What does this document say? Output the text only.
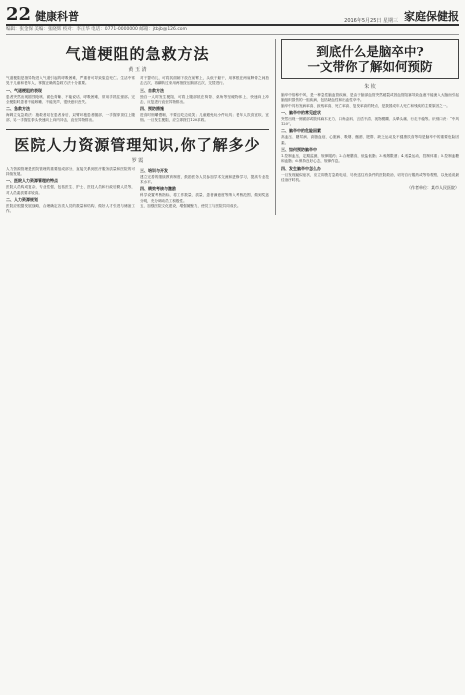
22 健康科普	2016年5月25日 星期三 家庭保健报
编辑：张金保 美编：张晓辉 校对：李正华 电话：0771-0000000 邮箱：jtbjb@126.com
气道梗阻的急救方法
黄 玉 清

气道梗阻是指异物进入气道引起的呼吸困难，严重者可导致窒息死亡。生活中常见于儿童和老年人，掌握正确的急救方法十分重要。

一、气道梗阻的表现

患者突然出现剧烈呛咳、面色青紫、不能说话、呼吸困难，常用手抓住颈部。完全梗阻时患者不能咳嗽、不能发声，很快意识丧失。

二、急救方法

海姆立克急救法：施救者站在患者身后，双臂环抱患者腰部，一手握拳顶住上腹部，另一手握住拳头快速向上向内冲击，直至异物排出。

对于婴幼儿，可将其面朝下放在前臂上，头低于躯干，用掌根在两肩胛骨之间拍击五次，再翻转过来用两指按压胸部五次，交替进行。

三、自救方法

独自一人时发生梗阻，可将上腹部抵在椅背、桌角等坚硬物体上，快速向上冲击，反复进行直至异物排出。

四、预防措施

进食时细嚼慢咽，不要边吃边说笑；儿童避免玩小件玩具；老年人饮食宜软、宜细。一旦发生梗阻，应立即拨打120求救。

医院人力资源管理知识,你了解多少
罗 霞

人力资源管理是医院管理的重要组成部分，直接关系到医疗服务质量和医院的可持续发展。

一、医院人力资源管理的特点

医院人员构成复杂，专业性强，包括医生、护士、医技人员和行政后勤人员等，对人员素质要求较高。

二、人力资源规划

医院应根据发展战略，合理确定各类人员的数量和结构，做好人才引进与储备工作。

三、培训与开发

建立完善的继续教育制度，鼓励医务人员参加学术交流和进修学习，提高专业技术水平。

四、绩效考核与激励

科学设置考核指标，将工作数量、质量、患者满意度等纳入考核范围，做到奖惩分明，充分调动员工积极性。

五、加强医院文化建设，增强凝聚力，使员工与医院共同成长。

到底什么是脑卒中?
一文带你了解如何预防
朱 钦

脑卒中俗称中风，是一种急性脑血管疾病，是由于脑部血管突然破裂或因血管阻塞导致血液不能流入大脑而引起脑组织损伤的一组疾病，包括缺血性和出血性卒中。

脑卒中具有发病率高、致残率高、死亡率高、复发率高的特点，是我国成年人死亡和残疾的主要原因之一。

一、脑卒中的常见症状

突然出现一侧面部或肢体麻木无力、口角歪斜、言语不清、视物模糊、头晕头痛、行走不稳等。识别口诀：“中风120”。

二、脑卒中的危险因素

高血压、糖尿病、高脂血症、心脏病、吸烟、酗酒、肥胖、缺乏运动及不健康饮食等均是脑卒中的重要危险因素。

三、如何预防脑卒中

1.控制血压，定期监测，规律服药；2.合理膳食，低盐低脂；3.戒烟限酒；4.适量运动，控制体重；5.控制血糖和血脂；6.保持良好心态，规律作息。

四、发生脑卒中怎么办

一旦发现疑似症状，应立即拨打急救电话，尽快送往有条件的医院救治，切勿自行服药或等待观察，以免延误最佳治疗时机。

（作者单位：某市人民医院）
